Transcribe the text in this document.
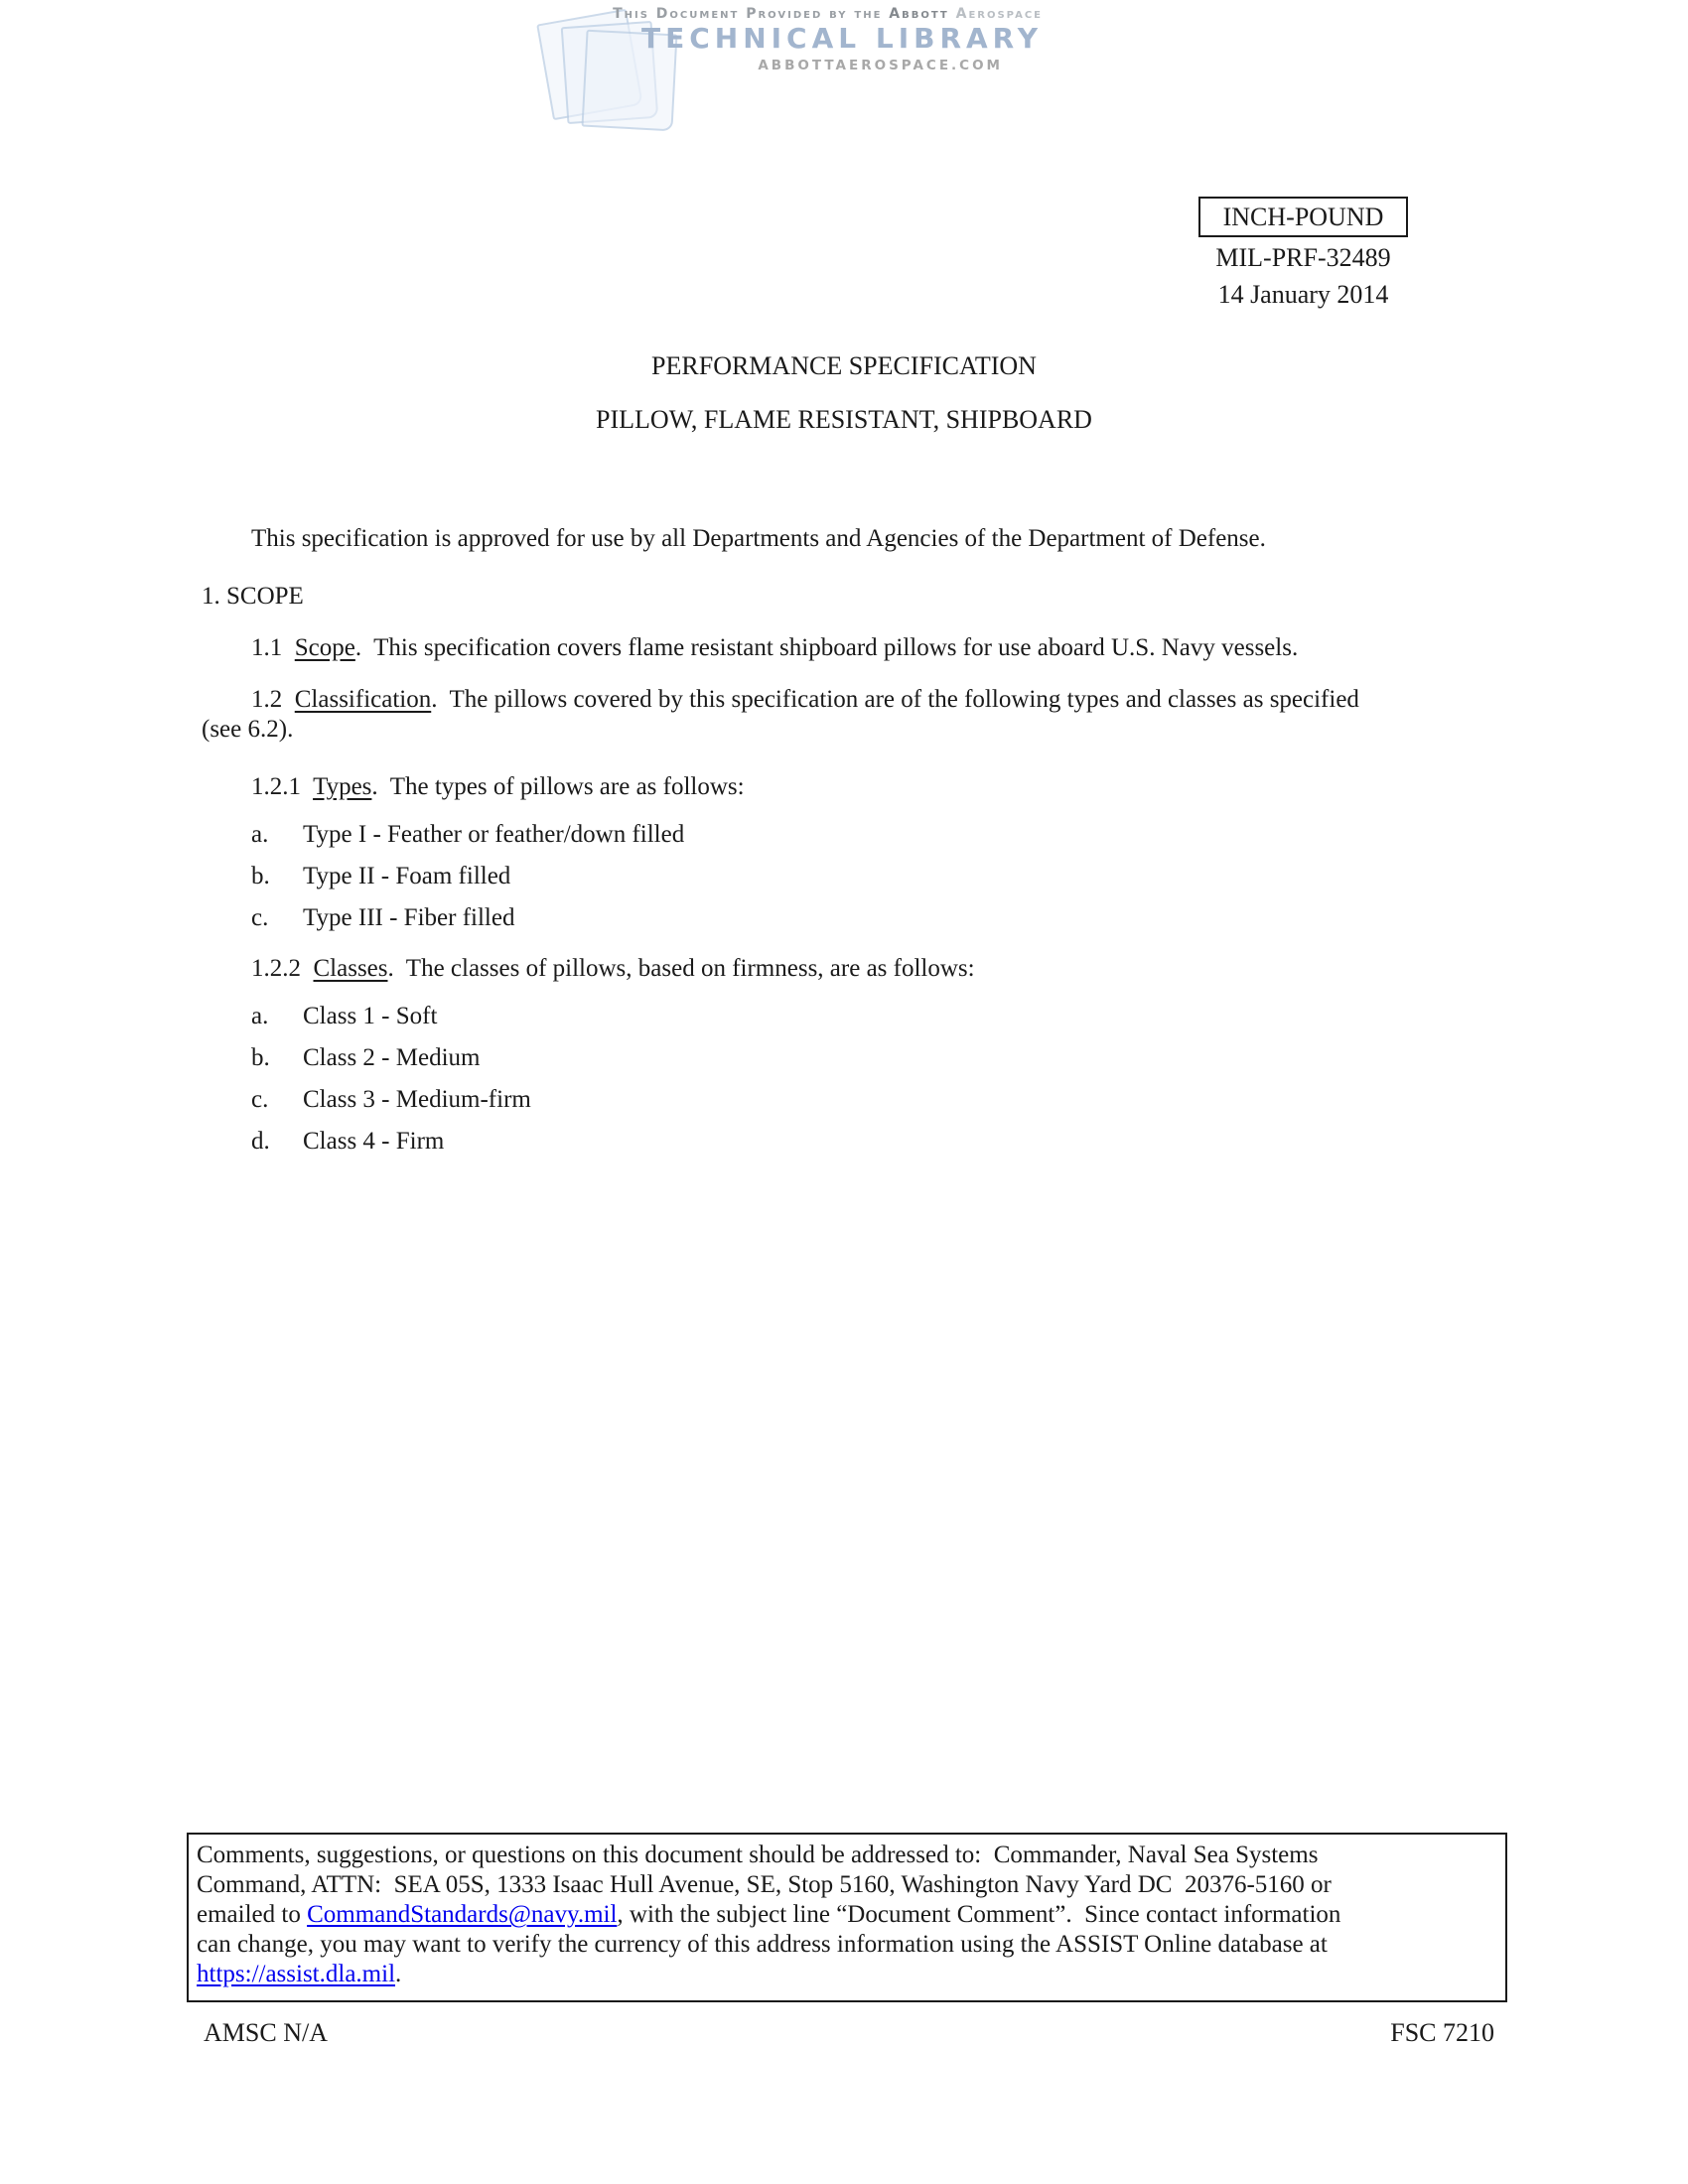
This Document Provided by the Abbott Aerospace
TECHNICAL LIBRARY
ABBOTTAEROSPACE.COM
INCH-POUND
MIL-PRF-32489
14 January 2014
PERFORMANCE SPECIFICATION
PILLOW, FLAME RESISTANT, SHIPBOARD
This specification is approved for use by all Departments and Agencies of the Department of Defense.
1. SCOPE
1.1  Scope.  This specification covers flame resistant shipboard pillows for use aboard U.S. Navy vessels.
1.2  Classification.  The pillows covered by this specification are of the following types and classes as specified
(see 6.2).
1.2.1  Types.  The types of pillows are as follows:
a. Type I - Feather or feather/down filled
b. Type II - Foam filled
c. Type III - Fiber filled
1.2.2  Classes.  The classes of pillows, based on firmness, are as follows:
a. Class 1 - Soft
b. Class 2 - Medium
c. Class 3 - Medium-firm
d. Class 4 - Firm
Comments, suggestions, or questions on this document should be addressed to:  Commander, Naval Sea Systems
Command, ATTN:  SEA 05S, 1333 Isaac Hull Avenue, SE, Stop 5160, Washington Navy Yard DC  20376-5160 or
emailed to CommandStandards@navy.mil, with the subject line “Document Comment”.  Since contact information
can change, you may want to verify the currency of this address information using the ASSIST Online database at
https://assist.dla.mil.
AMSC N/A	FSC 7210
